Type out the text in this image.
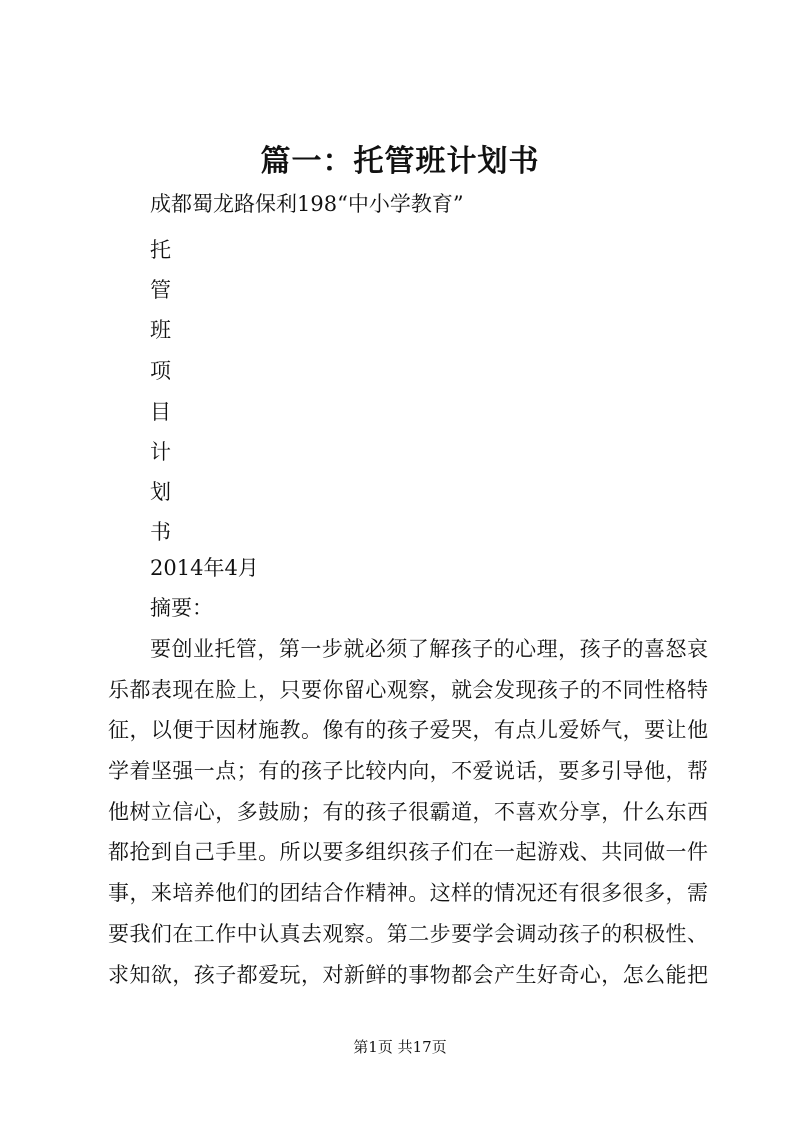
篇一：托管班计划书
成都蜀龙路保利198“中小学教育”
托
管
班
项
目
计
划
书
2014年4月
摘要：
要创业托管，第一步就必须了解孩子的心理，孩子的喜怒哀
乐都表现在脸上，只要你留心观察，就会发现孩子的不同性格特
征，以便于因材施教。像有的孩子爱哭，有点儿爱娇气，要让他
学着坚强一点；有的孩子比较内向，不爱说话，要多引导他，帮
他树立信心，多鼓励；有的孩子很霸道，不喜欢分享，什么东西
都抢到自己手里。所以要多组织孩子们在一起游戏、共同做一件
事，来培养他们的团结合作精神。这样的情况还有很多很多，需
要我们在工作中认真去观察。第二步要学会调动孩子的积极性、
求知欲，孩子都爱玩，对新鲜的事物都会产生好奇心，怎么能把
第1页 共17页
